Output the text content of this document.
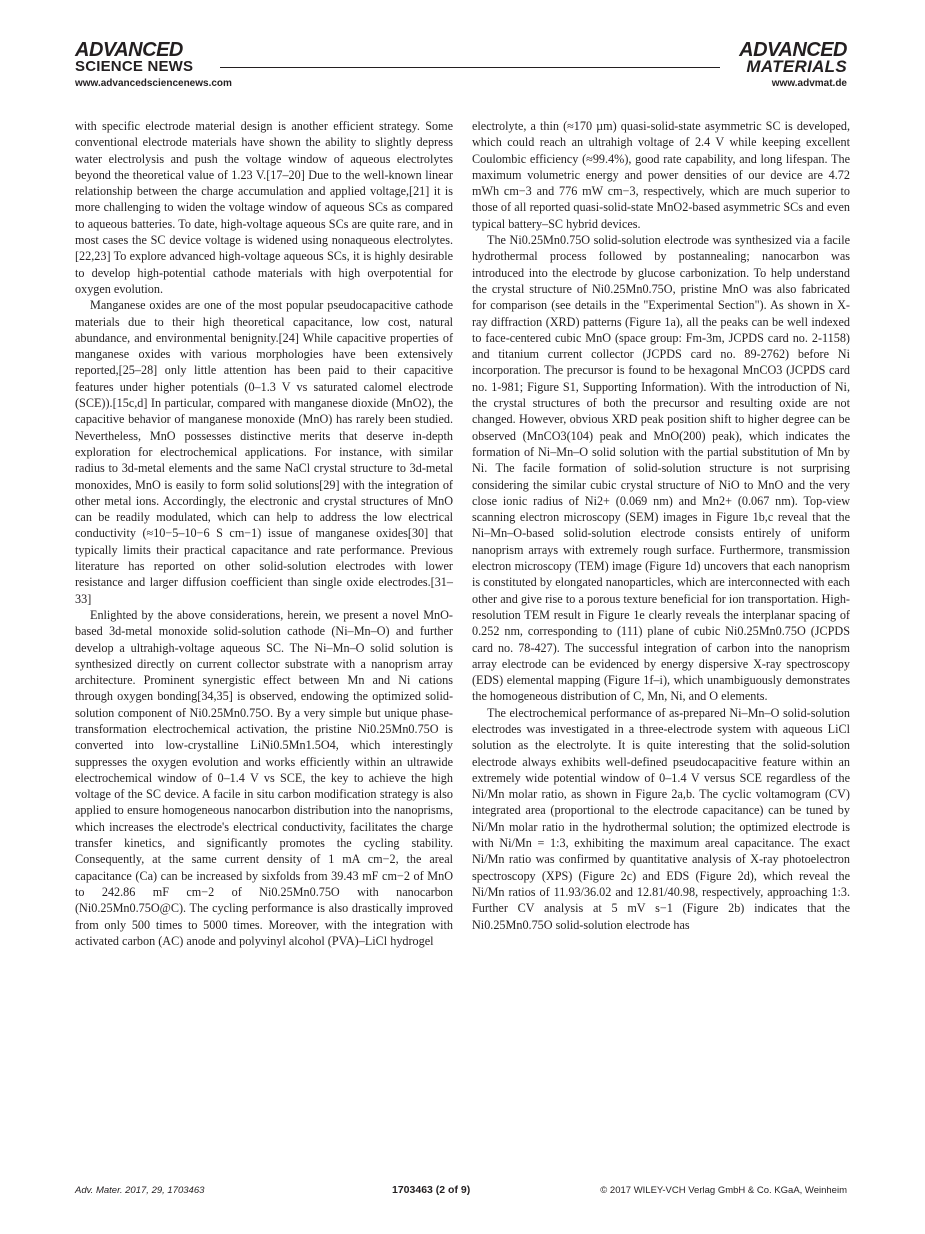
ADVANCED
SCIENCE NEWS
ADVANCED
MATERIALS
www.advancedsciencenews.com	www.advmat.de

with specific electrode material design is another efficient strategy. Some conventional electrode materials have shown the ability to slightly depress water electrolysis and push the voltage window of aqueous electrolytes beyond the theoretical value of 1.23 V.[17–20] Due to the well-known linear relationship between the charge accumulation and applied voltage,[21] it is more challenging to widen the voltage window of aqueous SCs as compared to aqueous batteries. To date, high-voltage aqueous SCs are quite rare, and in most cases the SC device voltage is widened using nonaqueous electrolytes.[22,23] To explore advanced high-voltage aqueous SCs, it is highly desirable to develop high-potential cathode materials with high overpotential for oxygen evolution.

Manganese oxides are one of the most popular pseudocapacitive cathode materials due to their high theoretical capacitance, low cost, natural abundance, and environmental benignity.[24] While capacitive properties of manganese oxides with various morphologies have been extensively reported,[25–28] only little attention has been paid to their capacitive features under higher potentials (0–1.3 V vs saturated calomel electrode (SCE)).[15c,d] In particular, compared with manganese dioxide (MnO2), the capacitive behavior of manganese monoxide (MnO) has rarely been studied. Nevertheless, MnO possesses distinctive merits that deserve in-depth exploration for electrochemical applications. For instance, with similar radius to 3d-metal elements and the same NaCl crystal structure to 3d-metal monoxides, MnO is easily to form solid solutions[29] with the integration of other metal ions. Accordingly, the electronic and crystal structures of MnO can be readily modulated, which can help to address the low electrical conductivity (≈10−5–10−6 S cm−1) issue of manganese oxides[30] that typically limits their practical capacitance and rate performance. Previous literature has reported on other solid-solution electrodes with lower resistance and larger diffusion coefficient than single oxide electrodes.[31–33]

Enlighted by the above considerations, herein, we present a novel MnO-based 3d-metal monoxide solid-solution cathode (Ni–Mn–O) and further develop a ultrahigh-voltage aqueous SC. The Ni–Mn–O solid solution is synthesized directly on current collector substrate with a nanoprism array architecture. Prominent synergistic effect between Mn and Ni cations through oxygen bonding[34,35] is observed, endowing the optimized solid-solution component of Ni0.25Mn0.75O. By a very simple but unique phase-transformation electrochemical activation, the pristine Ni0.25Mn0.75O is converted into low-crystalline LiNi0.5Mn1.5O4, which interestingly suppresses the oxygen evolution and works efficiently within an ultrawide electrochemical window of 0–1.4 V vs SCE, the key to achieve the high voltage of the SC device. A facile in situ carbon modification strategy is also applied to ensure homogeneous nanocarbon distribution into the nanoprisms, which increases the electrode's electrical conductivity, facilitates the charge transfer kinetics, and significantly promotes the cycling stability. Consequently, at the same current density of 1 mA cm−2, the areal capacitance (Ca) can be increased by sixfolds from 39.43 mF cm−2 of MnO to 242.86 mF cm−2 of Ni0.25Mn0.75O with nanocarbon (Ni0.25Mn0.75O@C). The cycling performance is also drastically improved from only 500 times to 5000 times. Moreover, with the integration with activated carbon (AC) anode and polyvinyl alcohol (PVA)–LiCl hydrogel

electrolyte, a thin (≈170 µm) quasi-solid-state asymmetric SC is developed, which could reach an ultrahigh voltage of 2.4 V while keeping excellent Coulombic efficiency (≈99.4%), good rate capability, and long lifespan. The maximum volumetric energy and power densities of our device are 4.72 mWh cm−3 and 776 mW cm−3, respectively, which are much superior to those of all reported quasi-solid-state MnO2-based asymmetric SCs and even typical battery–SC hybrid devices.

The Ni0.25Mn0.75O solid-solution electrode was synthesized via a facile hydrothermal process followed by postannealing; nanocarbon was introduced into the electrode by glucose carbonization. To help understand the crystal structure of Ni0.25Mn0.75O, pristine MnO was also fabricated for comparison (see details in the "Experimental Section"). As shown in X-ray diffraction (XRD) patterns (Figure 1a), all the peaks can be well indexed to face-centered cubic MnO (space group: Fm-3m, JCPDS card no. 2-1158) and titanium current collector (JCPDS card no. 89-2762) before Ni incorporation. The precursor is found to be hexagonal MnCO3 (JCPDS card no. 1-981; Figure S1, Supporting Information). With the introduction of Ni, the crystal structures of both the precursor and resulting oxide are not changed. However, obvious XRD peak position shift to higher degree can be observed (MnCO3(104) peak and MnO(200) peak), which indicates the formation of Ni–Mn–O solid solution with the partial substitution of Mn by Ni. The facile formation of solid-solution structure is not surprising considering the similar cubic crystal structure of NiO to MnO and the very close ionic radius of Ni2+ (0.069 nm) and Mn2+ (0.067 nm). Top-view scanning electron microscopy (SEM) images in Figure 1b,c reveal that the Ni–Mn–O-based solid-solution electrode consists entirely of uniform nanoprism arrays with extremely rough surface. Furthermore, transmission electron microscopy (TEM) image (Figure 1d) uncovers that each nanoprism is constituted by elongated nanoparticles, which are interconnected with each other and give rise to a porous texture beneficial for ion transportation. High-resolution TEM result in Figure 1e clearly reveals the interplanar spacing of 0.252 nm, corresponding to (111) plane of cubic Ni0.25Mn0.75O (JCPDS card no. 78-427). The successful integration of carbon into the nanoprism array electrode can be evidenced by energy dispersive X-ray spectroscopy (EDS) elemental mapping (Figure 1f–i), which unambiguously demonstrates the homogeneous distribution of C, Mn, Ni, and O elements.

The electrochemical performance of as-prepared Ni–Mn–O solid-solution electrodes was investigated in a three-electrode system with aqueous LiCl solution as the electrolyte. It is quite interesting that the solid-solution electrode always exhibits well-defined pseudocapacitive feature within an extremely wide potential window of 0–1.4 V versus SCE regardless of the Ni/Mn molar ratio, as shown in Figure 2a,b. The cyclic voltamogram (CV) integrated area (proportional to the electrode capacitance) can be tuned by Ni/Mn molar ratio in the hydrothermal solution; the optimized electrode is with Ni/Mn = 1:3, exhibiting the maximum areal capacitance. The exact Ni/Mn ratio was confirmed by quantitative analysis of X-ray photoelectron spectroscopy (XPS) (Figure 2c) and EDS (Figure 2d), which reveal the Ni/Mn ratios of 11.93/36.02 and 12.81/40.98, respectively, approaching 1:3. Further CV analysis at 5 mV s−1 (Figure 2b) indicates that the Ni0.25Mn0.75O solid-solution electrode has

Adv. Mater. 2017, 29, 1703463	1703463 (2 of 9)	© 2017 WILEY-VCH Verlag GmbH & Co. KGaA, Weinheim
